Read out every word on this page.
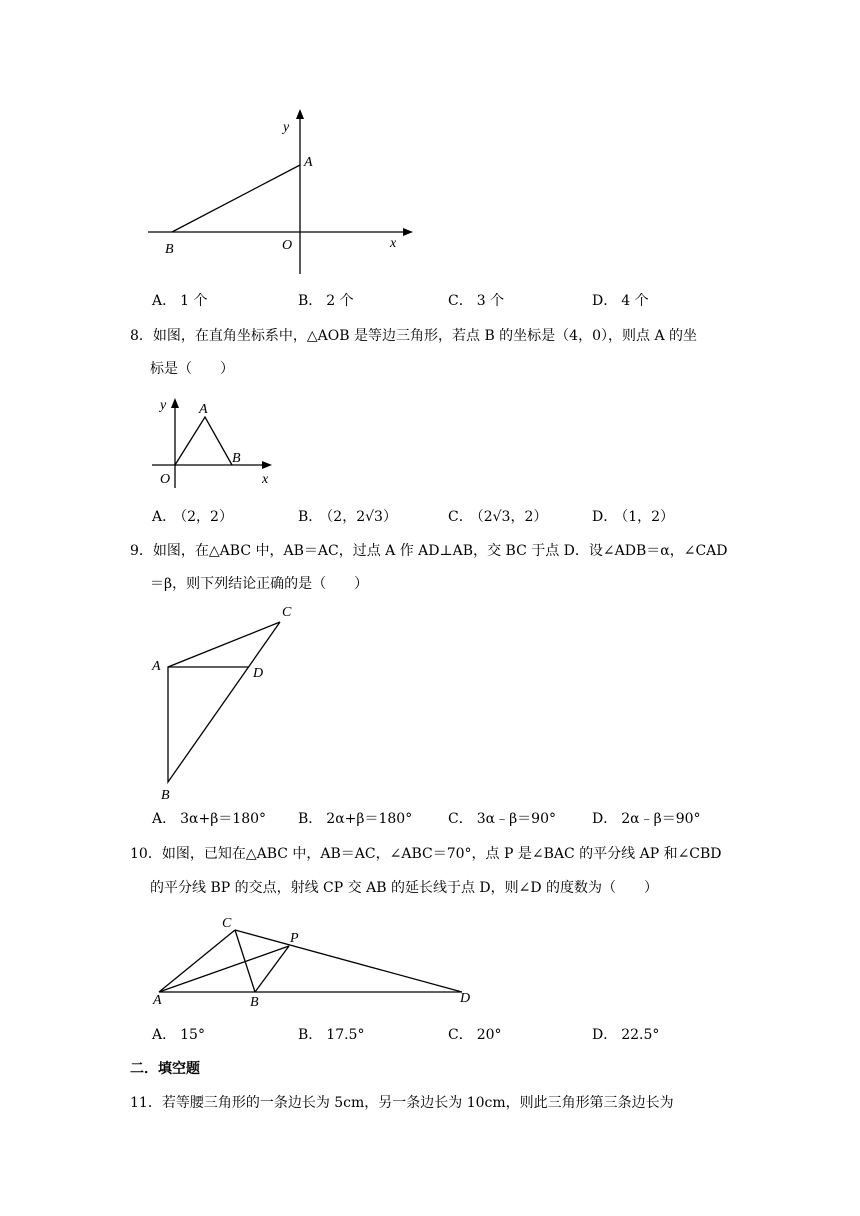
y
A
B	O	x
A． 1 个	B． 2 个	C． 3 个	D． 4 个
8．如图，在直角坐标系中，△AOB 是等边三角形，若点 B 的坐标是（4，0），则点 A 的坐
标是（　　）
y A
B
O	x
A． （2，2）	B． （2，2√3）	C． （2√3，2）	D． （1，2）
9．如图，在△ABC 中，AB＝AC，过点 A 作 AD⊥AB，交 BC 于点 D．设∠ADB＝α，∠CAD
＝β，则下列结论正确的是（　　）
C
A	D
B
A． 3α+β＝180° B． 2α+β＝180°	C． 3α﹣β＝90°	D． 2α﹣β＝90°
10．如图，已知在△ABC 中，AB＝AC，∠ABC＝70°，点 P 是∠BAC 的平分线 AP 和∠CBD
的平分线 BP 的交点，射线 CP 交 AB 的延长线于点 D，则∠D 的度数为（　　）
C
P
A	B	D
A． 15°	B． 17.5°	C． 20°	D． 22.5°
二．填空题
11．若等腰三角形的一条边长为 5cm，另一条边长为 10cm，则此三角形第三条边长为
